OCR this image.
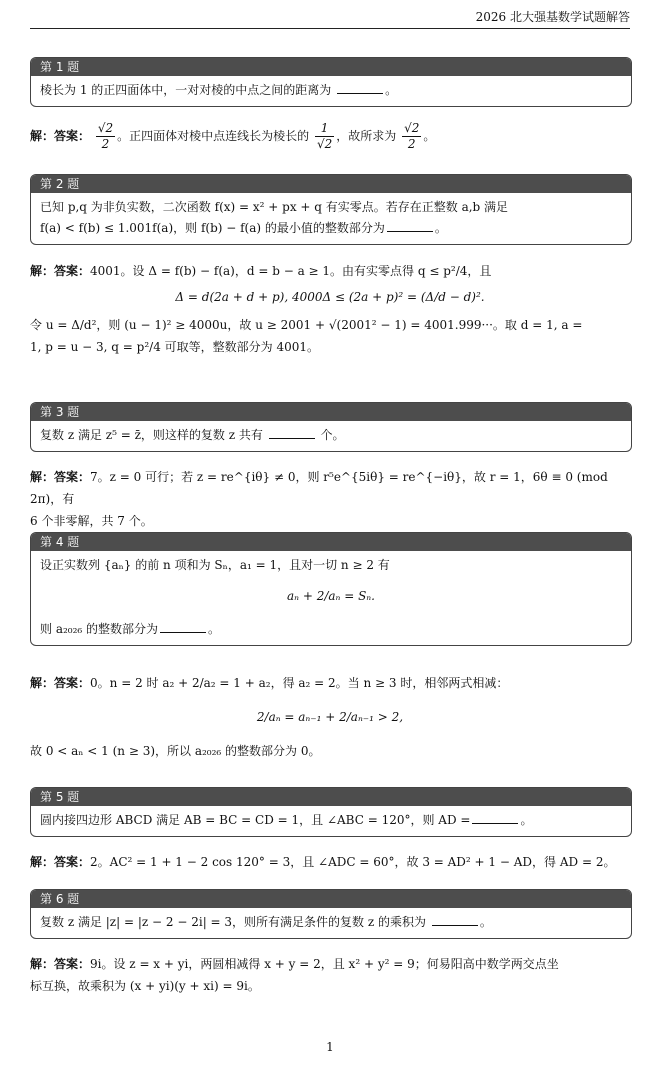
2026 北大强基数学试题解答
第 1 题
棱长为 1 的正四面体中，一对对棱的中点之间的距离为	。
解：答案： $\frac{√2}{2}$ 。正四面体对棱中点连线长为棱长的 $\frac{1}{√2}$ ，故所求为 $\frac{√2}{2}$ 。
第 2 题
已知 p,q 为非负实数，二次函数 f(x) = x² + px + q 有实零点。若存在正整数 a,b 满足
f(a) < f(b) ≤ 1.001f(a)，则 f(b) − f(a) 的最小值的整数部分为	。
解：答案：4001。设 Δ = f(b) − f(a)，d = b − a ≥ 1。由有实零点得 q ≤ p²/4，且
Δ = d(2a + d + p), 4000Δ ≤ (2a + p)² = (Δ/d − d)².
令 u = Δ/d²，则 (u − 1)² ≥ 4000u，故 u ≥ 2001 + √(2001² − 1) = 4001.999···。取 d = 1, a =
1, p = u − 3, q = p²/4 可取等，整数部分为 4001。
第 3 题
复数 z 满足 z⁵ = z̄，则这样的复数 z 共有	个。
解：答案：7。z = 0 可行；若 z = re^{iθ} ≠ 0，则 r⁵e^{5iθ} = re^{−iθ}，故 r = 1，6θ ≡ 0 (mod 2π)，有
6 个非零解，共 7 个。
第 4 题
设正实数列 {aₙ} 的前 n 项和为 Sₙ，a₁ = 1，且对一切 n ≥ 2 有
aₙ + 2/aₙ = Sₙ.
则 a₂₀₂₆ 的整数部分为	。
解：答案：0。n = 2 时 a₂ + 2/a₂ = 1 + a₂，得 a₂ = 2。当 n ≥ 3 时，相邻两式相减：
2/aₙ = aₙ₋₁ + 2/aₙ₋₁ > 2,
故 0 < aₙ < 1 (n ≥ 3)，所以 a₂₀₂₆ 的整数部分为 0。
第 5 题
圆内接四边形 ABCD 满足 AB = BC = CD = 1，且 ∠ABC = 120°，则 AD =	。
解：答案：2。AC² = 1 + 1 − 2 cos 120° = 3，且 ∠ADC = 60°，故 3 = AD² + 1 − AD，得 AD = 2。
第 6 题
复数 z 满足 |z| = |z − 2 − 2i| = 3，则所有满足条件的复数 z 的乘积为	。
解：答案：9i。设 z = x + yi，两圆相减得 x + y = 2，且 x² + y² = 9；何易阳高中数学两交点坐
标互换，故乘积为 (x + yi)(y + xi) = 9i。
1
